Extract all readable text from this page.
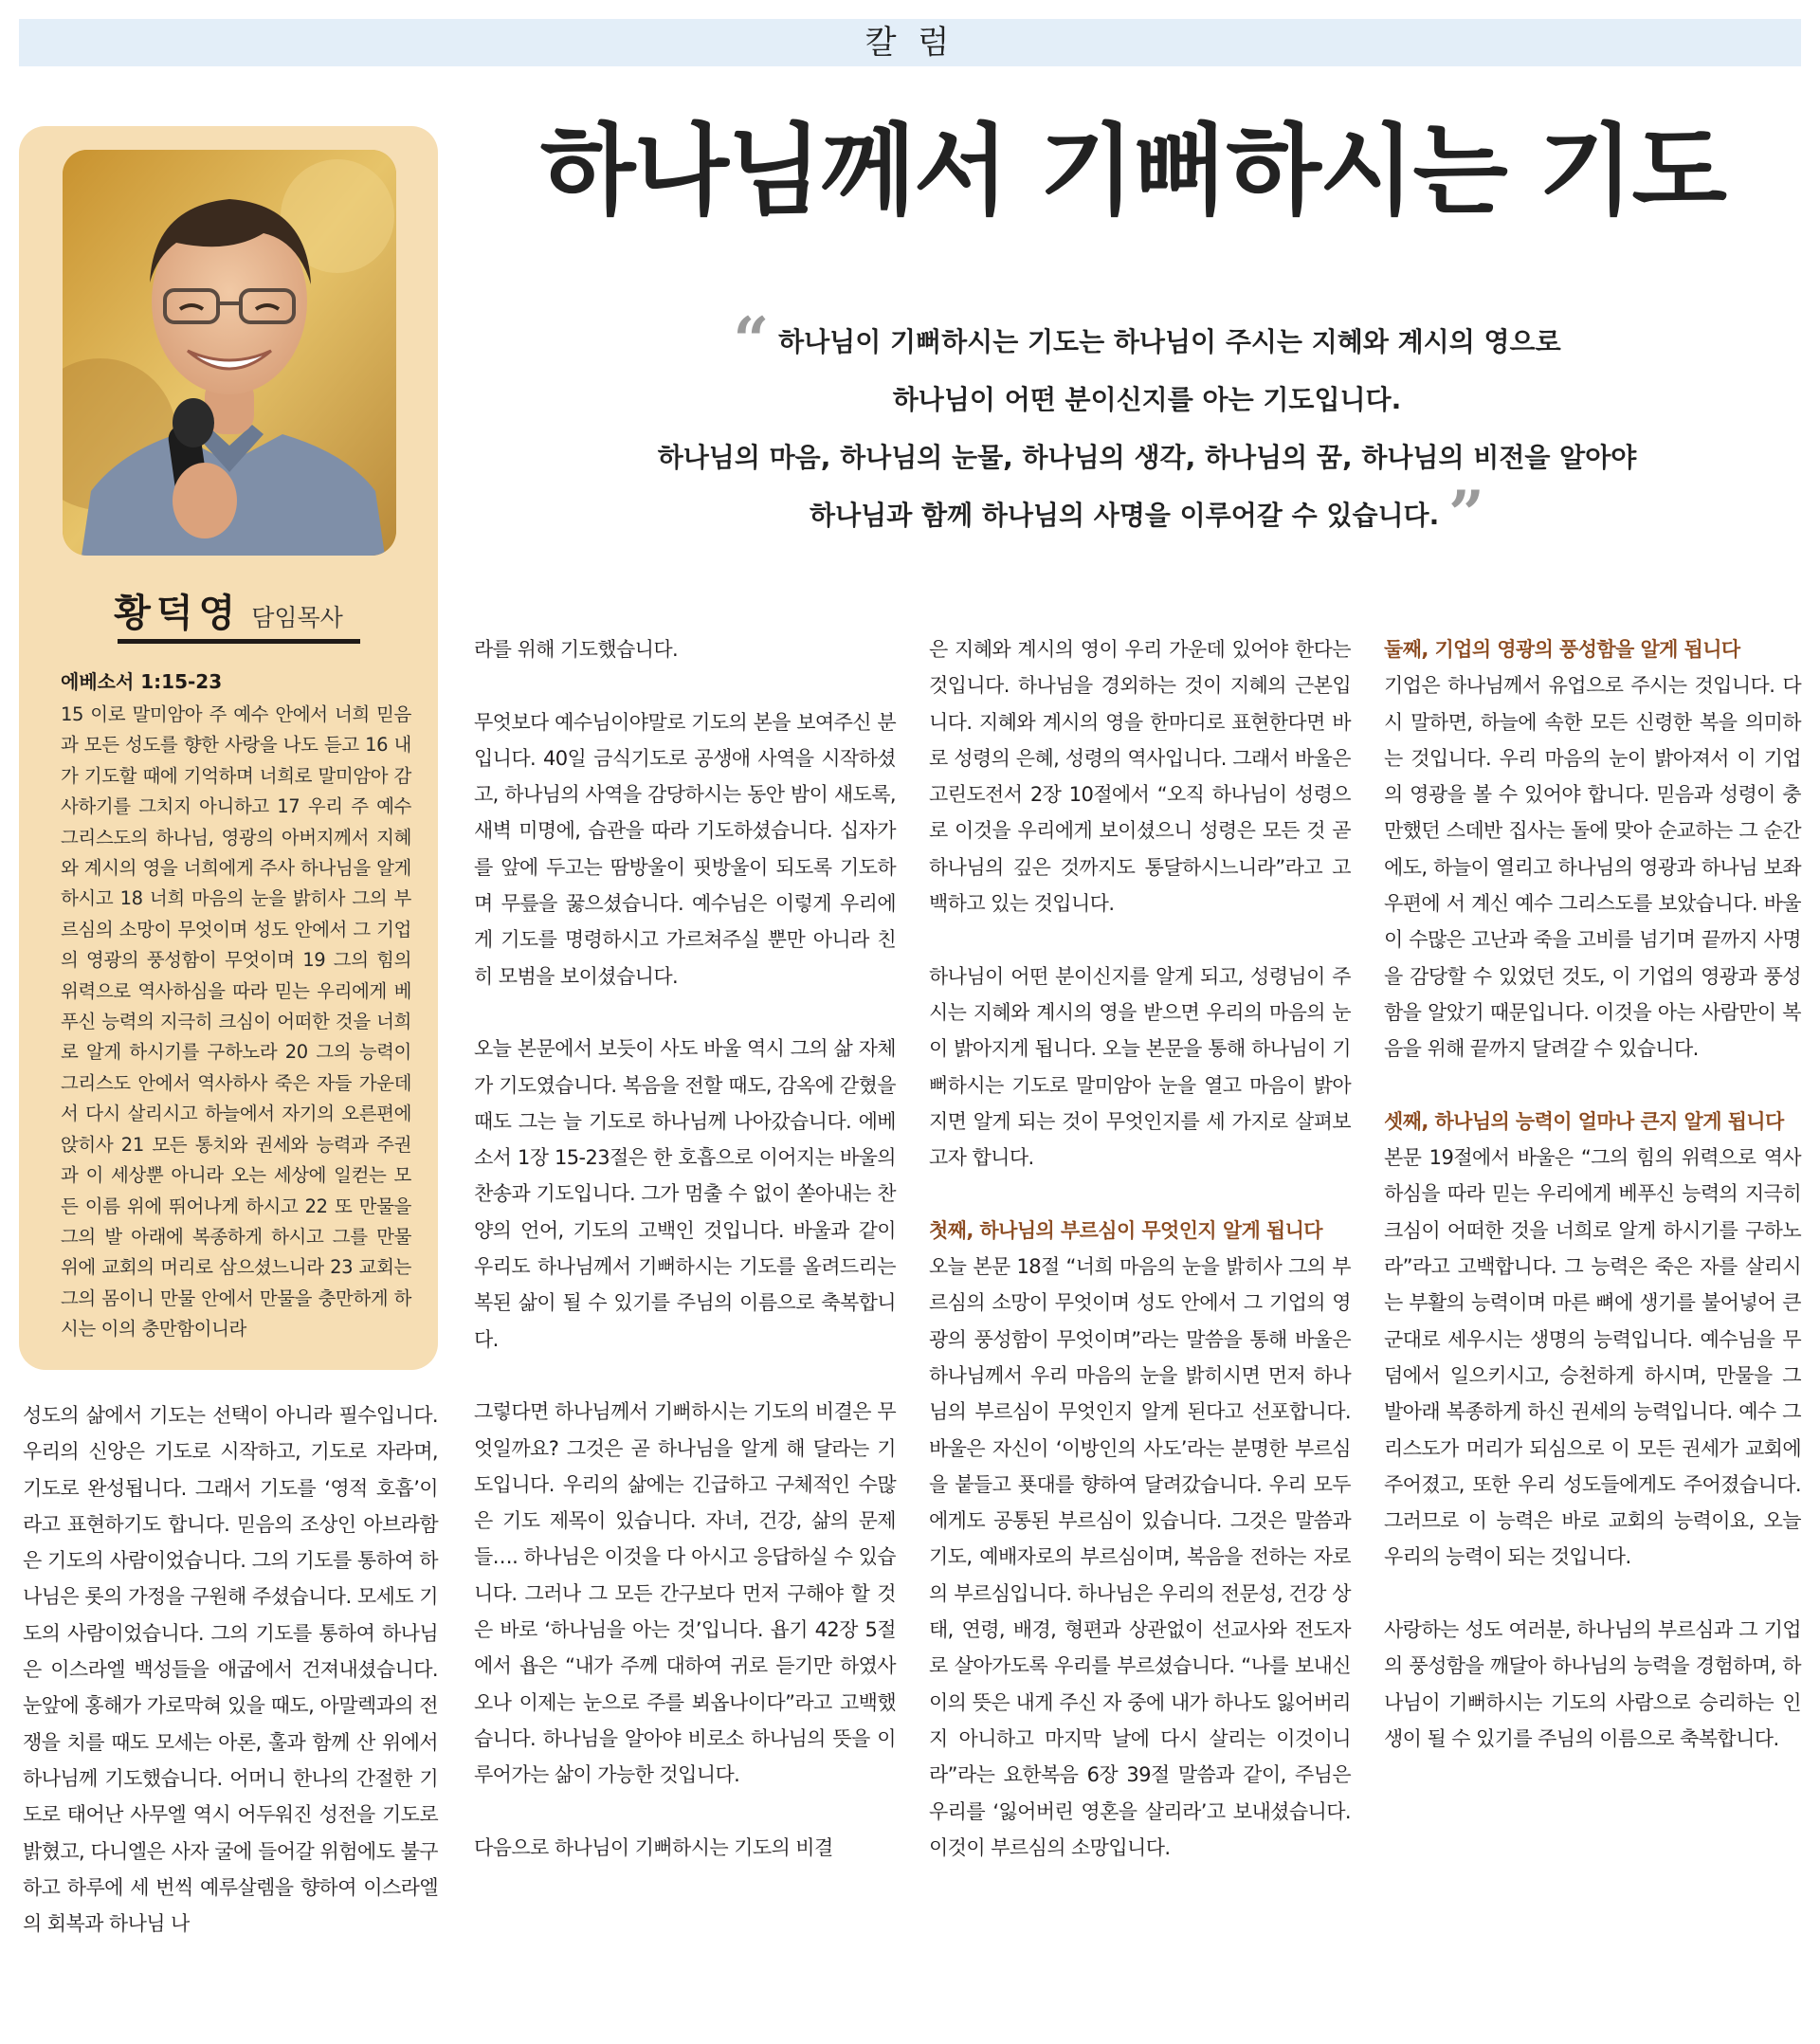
칼 럼
황덕영 담임목사
에베소서 1:15-23

15 이로 말미암아 주 예수 안에서 너희 믿음과 모든 성도를 향한 사랑을 나도 듣고 16 내가 기도할 때에 기억하며 너희로 말미암아 감사하기를 그치지 아니하고 17 우리 주 예수 그리스도의 하나님, 영광의 아버지께서 지혜와 계시의 영을 너희에게 주사 하나님을 알게 하시고 18 너희 마음의 눈을 밝히사 그의 부르심의 소망이 무엇이며 성도 안에서 그 기업의 영광의 풍성함이 무엇이며 19 그의 힘의 위력으로 역사하심을 따라 믿는 우리에게 베푸신 능력의 지극히 크심이 어떠한 것을 너희로 알게 하시기를 구하노라 20 그의 능력이 그리스도 안에서 역사하사 죽은 자들 가운데서 다시 살리시고 하늘에서 자기의 오른편에 앉히사 21 모든 통치와 권세와 능력과 주권과 이 세상뿐 아니라 오는 세상에 일컫는 모든 이름 위에 뛰어나게 하시고 22 또 만물을 그의 발 아래에 복종하게 하시고 그를 만물 위에 교회의 머리로 삼으셨느니라 23 교회는 그의 몸이니 만물 안에서 만물을 충만하게 하시는 이의 충만함이니라

하나님께서 기뻐하시는 기도
“ 하나님이 기뻐하시는 기도는 하나님이 주시는 지혜와 계시의 영으로
하나님이 어떤 분이신지를 아는 기도입니다.
하나님의 마음, 하나님의 눈물, 하나님의 생각, 하나님의 꿈, 하나님의 비전을 알아야
하나님과 함께 하나님의 사명을 이루어갈 수 있습니다. ”

성도의 삶에서 기도는 선택이 아니라 필수입니다. 우리의 신앙은 기도로 시작하고, 기도로 자라며, 기도로 완성됩니다. 그래서 기도를 ‘영적 호흡’이라고 표현하기도 합니다. 믿음의 조상인 아브라함은 기도의 사람이었습니다. 그의 기도를 통하여 하나님은 롯의 가정을 구원해 주셨습니다. 모세도 기도의 사람이었습니다. 그의 기도를 통하여 하나님은 이스라엘 백성들을 애굽에서 건져내셨습니다. 눈앞에 홍해가 가로막혀 있을 때도, 아말렉과의 전쟁을 치를 때도 모세는 아론, 훌과 함께 산 위에서 하나님께 기도했습니다. 어머니 한나의 간절한 기도로 태어난 사무엘 역시 어두워진 성전을 기도로 밝혔고, 다니엘은 사자 굴에 들어갈 위험에도 불구하고 하루에 세 번씩 예루살렘을 향하여 이스라엘의 회복과 하나님 나

라를 위해 기도했습니다.

무엇보다 예수님이야말로 기도의 본을 보여주신 분입니다. 40일 금식기도로 공생애 사역을 시작하셨고, 하나님의 사역을 감당하시는 동안 밤이 새도록, 새벽 미명에, 습관을 따라 기도하셨습니다. 십자가를 앞에 두고는 땀방울이 핏방울이 되도록 기도하며 무릎을 꿇으셨습니다. 예수님은 이렇게 우리에게 기도를 명령하시고 가르쳐주실 뿐만 아니라 친히 모범을 보이셨습니다.

오늘 본문에서 보듯이 사도 바울 역시 그의 삶 자체가 기도였습니다. 복음을 전할 때도, 감옥에 갇혔을 때도 그는 늘 기도로 하나님께 나아갔습니다. 에베소서 1장 15-23절은 한 호흡으로 이어지는 바울의 찬송과 기도입니다. 그가 멈출 수 없이 쏟아내는 찬양의 언어, 기도의 고백인 것입니다. 바울과 같이 우리도 하나님께서 기뻐하시는 기도를 올려드리는 복된 삶이 될 수 있기를 주님의 이름으로 축복합니다.

그렇다면 하나님께서 기뻐하시는 기도의 비결은 무엇일까요? 그것은 곧 하나님을 알게 해 달라는 기도입니다. 우리의 삶에는 긴급하고 구체적인 수많은 기도 제목이 있습니다. 자녀, 건강, 삶의 문제들…. 하나님은 이것을 다 아시고 응답하실 수 있습니다. 그러나 그 모든 간구보다 먼저 구해야 할 것은 바로 ‘하나님을 아는 것’입니다. 욥기 42장 5절에서 욥은 “내가 주께 대하여 귀로 듣기만 하였사오나 이제는 눈으로 주를 뵈옵나이다”라고 고백했습니다. 하나님을 알아야 비로소 하나님의 뜻을 이루어가는 삶이 가능한 것입니다.

다음으로 하나님이 기뻐하시는 기도의 비결

은 지혜와 계시의 영이 우리 가운데 있어야 한다는 것입니다. 하나님을 경외하는 것이 지혜의 근본입니다. 지혜와 계시의 영을 한마디로 표현한다면 바로 성령의 은혜, 성령의 역사입니다. 그래서 바울은 고린도전서 2장 10절에서 “오직 하나님이 성령으로 이것을 우리에게 보이셨으니 성령은 모든 것 곧 하나님의 깊은 것까지도 통달하시느니라”라고 고백하고 있는 것입니다.

하나님이 어떤 분이신지를 알게 되고, 성령님이 주시는 지혜와 계시의 영을 받으면 우리의 마음의 눈이 밝아지게 됩니다. 오늘 본문을 통해 하나님이 기뻐하시는 기도로 말미암아 눈을 열고 마음이 밝아지면 알게 되는 것이 무엇인지를 세 가지로 살펴보고자 합니다.

첫째, 하나님의 부르심이 무엇인지 알게 됩니다

오늘 본문 18절 “너희 마음의 눈을 밝히사 그의 부르심의 소망이 무엇이며 성도 안에서 그 기업의 영광의 풍성함이 무엇이며”라는 말씀을 통해 바울은 하나님께서 우리 마음의 눈을 밝히시면 먼저 하나님의 부르심이 무엇인지 알게 된다고 선포합니다. 바울은 자신이 ‘이방인의 사도’라는 분명한 부르심을 붙들고 푯대를 향하여 달려갔습니다. 우리 모두에게도 공통된 부르심이 있습니다. 그것은 말씀과 기도, 예배자로의 부르심이며, 복음을 전하는 자로의 부르심입니다. 하나님은 우리의 전문성, 건강 상태, 연령, 배경, 형편과 상관없이 선교사와 전도자로 살아가도록 우리를 부르셨습니다. “나를 보내신 이의 뜻은 내게 주신 자 중에 내가 하나도 잃어버리지 아니하고 마지막 날에 다시 살리는 이것이니라”라는 요한복음 6장 39절 말씀과 같이, 주님은 우리를 ‘잃어버린 영혼을 살리라’고 보내셨습니다. 이것이 부르심의 소망입니다.

둘째, 기업의 영광의 풍성함을 알게 됩니다

기업은 하나님께서 유업으로 주시는 것입니다. 다시 말하면, 하늘에 속한 모든 신령한 복을 의미하는 것입니다. 우리 마음의 눈이 밝아져서 이 기업의 영광을 볼 수 있어야 합니다. 믿음과 성령이 충만했던 스데반 집사는 돌에 맞아 순교하는 그 순간에도, 하늘이 열리고 하나님의 영광과 하나님 보좌 우편에 서 계신 예수 그리스도를 보았습니다. 바울이 수많은 고난과 죽을 고비를 넘기며 끝까지 사명을 감당할 수 있었던 것도, 이 기업의 영광과 풍성함을 알았기 때문입니다. 이것을 아는 사람만이 복음을 위해 끝까지 달려갈 수 있습니다.

셋째, 하나님의 능력이 얼마나 큰지 알게 됩니다

본문 19절에서 바울은 “그의 힘의 위력으로 역사하심을 따라 믿는 우리에게 베푸신 능력의 지극히 크심이 어떠한 것을 너희로 알게 하시기를 구하노라”라고 고백합니다. 그 능력은 죽은 자를 살리시는 부활의 능력이며 마른 뼈에 생기를 불어넣어 큰 군대로 세우시는 생명의 능력입니다. 예수님을 무덤에서 일으키시고, 승천하게 하시며, 만물을 그 발아래 복종하게 하신 권세의 능력입니다. 예수 그리스도가 머리가 되심으로 이 모든 권세가 교회에 주어졌고, 또한 우리 성도들에게도 주어졌습니다. 그러므로 이 능력은 바로 교회의 능력이요, 오늘 우리의 능력이 되는 것입니다.

사랑하는 성도 여러분, 하나님의 부르심과 그 기업의 풍성함을 깨달아 하나님의 능력을 경험하며, 하나님이 기뻐하시는 기도의 사람으로 승리하는 인생이 될 수 있기를 주님의 이름으로 축복합니다.
